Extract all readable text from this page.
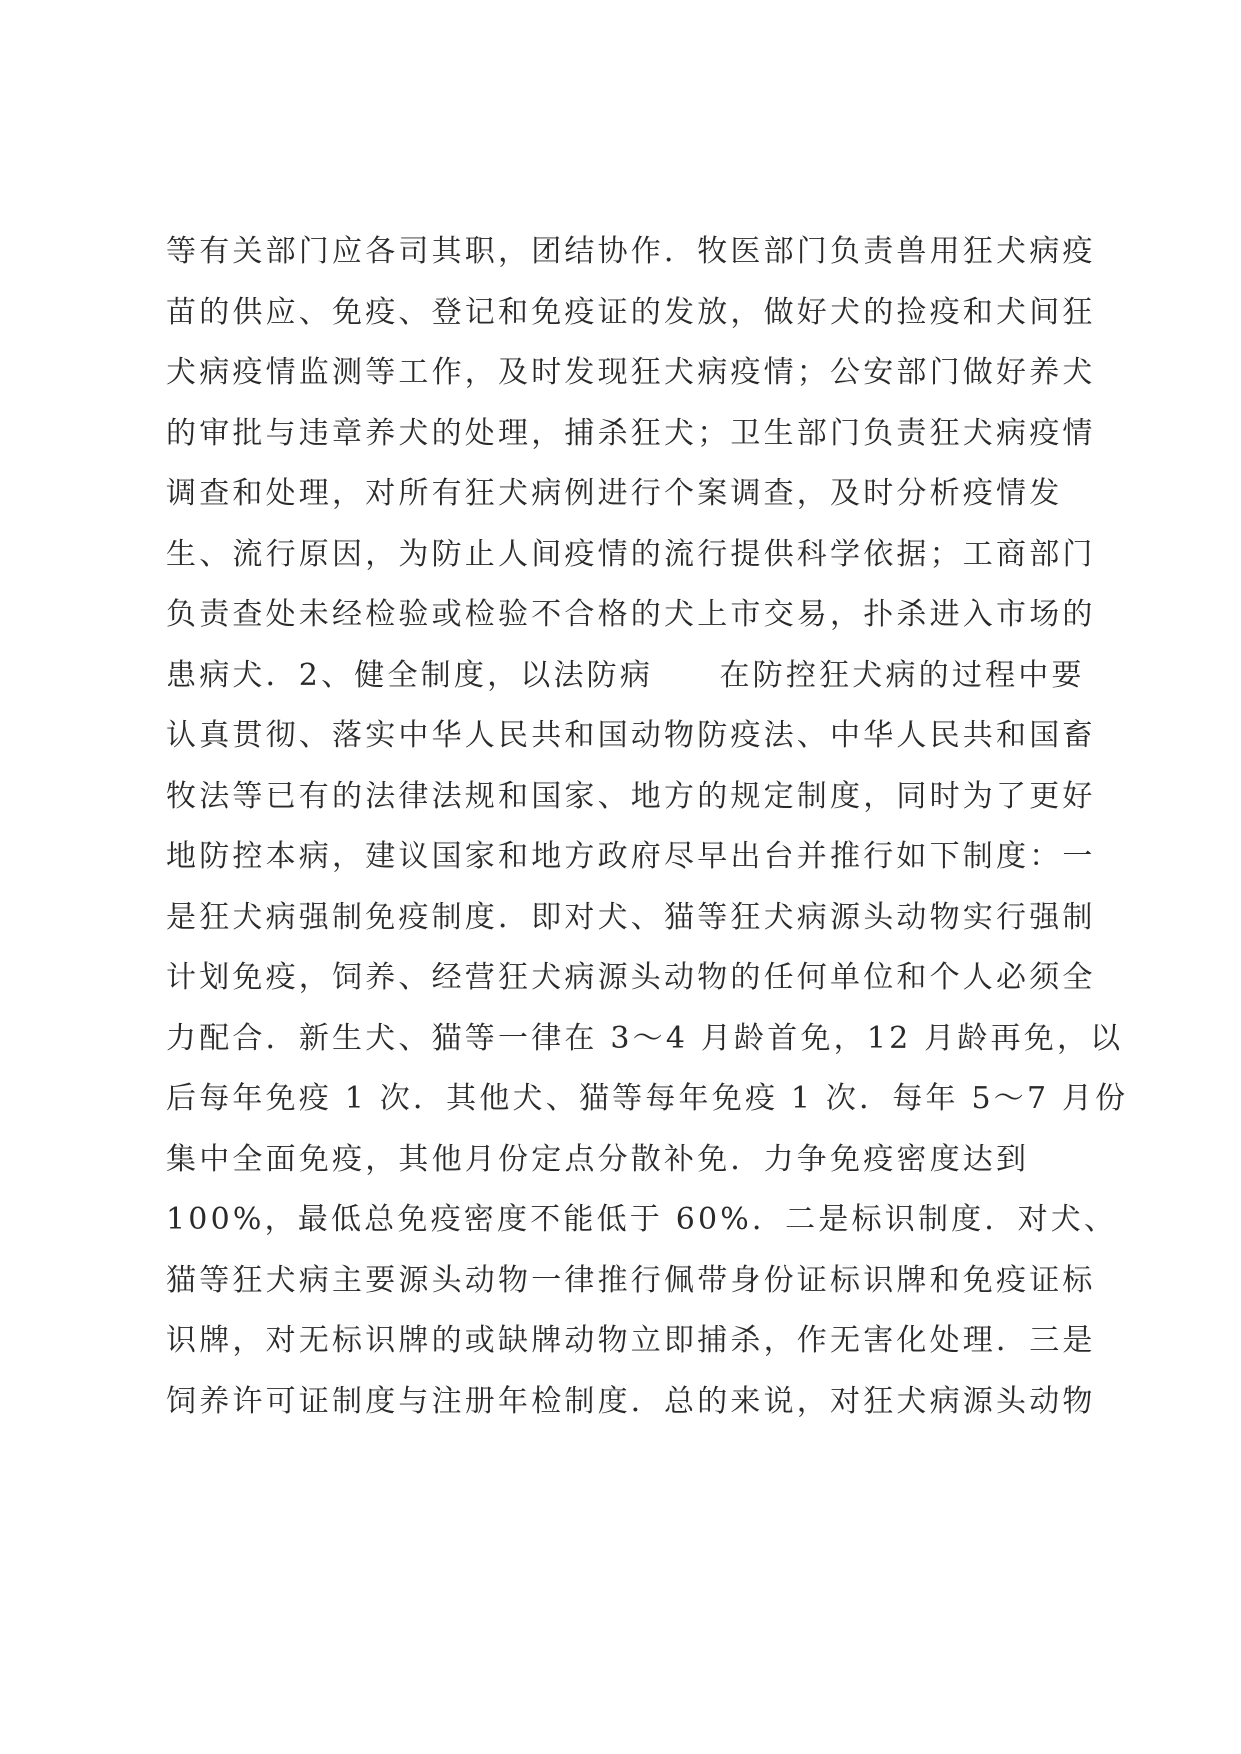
等有关部门应各司其职，团结协作．牧医部门负责兽用狂犬病疫
苗的供应、免疫、登记和免疫证的发放，做好犬的捡疫和犬间狂
犬病疫情监测等工作，及时发现狂犬病疫情；公安部门做好养犬
的审批与违章养犬的处理，捕杀狂犬；卫生部门负责狂犬病疫情
调查和处理，对所有狂犬病例进行个案调查，及时分析疫情发
生、流行原因，为防止人间疫情的流行提供科学依据；工商部门
负责查处未经检验或检验不合格的犬上市交易，扑杀进入市场的
患病犬．2、健全制度，以法防病　　在防控狂犬病的过程中要
认真贯彻、落实中华人民共和国动物防疫法、中华人民共和国畜
牧法等已有的法律法规和国家、地方的规定制度，同时为了更好
地防控本病，建议国家和地方政府尽早出台并推行如下制度：一
是狂犬病强制免疫制度．即对犬、猫等狂犬病源头动物实行强制
计划免疫，饲养、经营狂犬病源头动物的任何单位和个人必须全
力配合．新生犬、猫等一律在 3～4 月龄首免，12 月龄再免，以
后每年免疫 1 次．其他犬、猫等每年免疫 1 次．每年 5～7 月份
集中全面免疫，其他月份定点分散补免．力争免疫密度达到
100%，最低总免疫密度不能低于 60%．二是标识制度．对犬、
猫等狂犬病主要源头动物一律推行佩带身份证标识牌和免疫证标
识牌，对无标识牌的或缺牌动物立即捕杀，作无害化处理．三是
饲养许可证制度与注册年检制度．总的来说，对狂犬病源头动物
